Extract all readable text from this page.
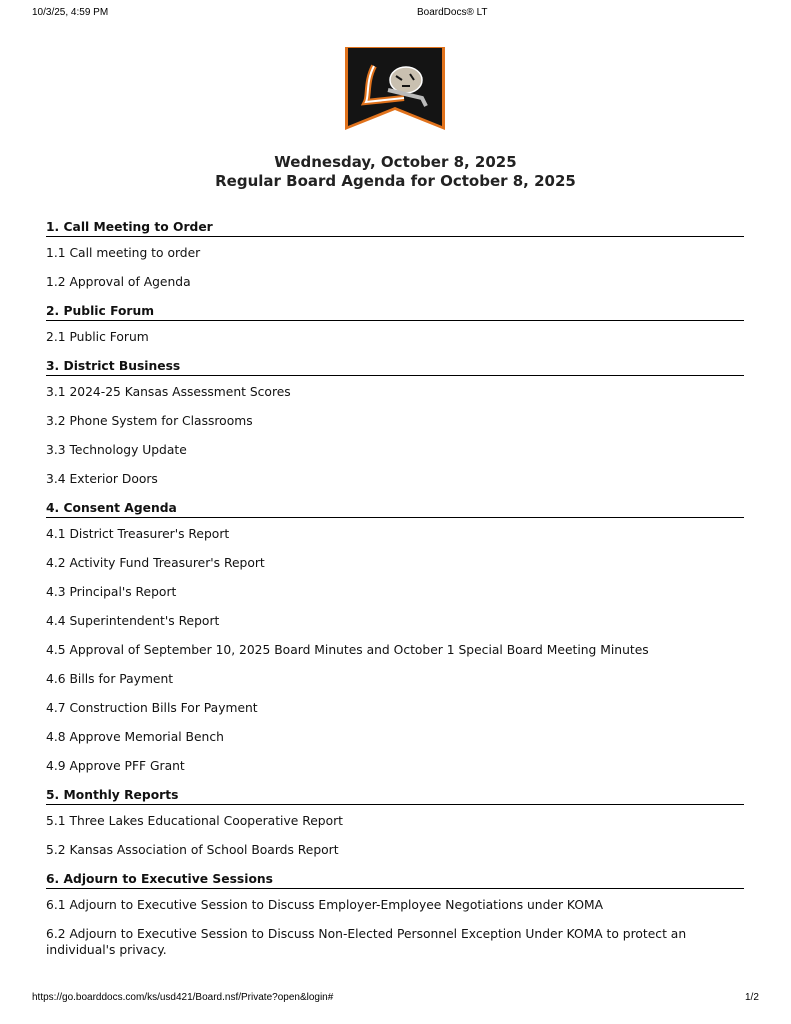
10/3/25, 4:59 PM	BoardDocs® LT
Wednesday, October 8, 2025
Regular Board Agenda for October 8, 2025
1. Call Meeting to Order
1.1 Call meeting to order
1.2 Approval of Agenda
2. Public Forum
2.1 Public Forum
3. District Business
3.1 2024-25 Kansas Assessment Scores
3.2 Phone System for Classrooms
3.3 Technology Update
3.4 Exterior Doors
4. Consent Agenda
4.1 District Treasurer's Report
4.2 Activity Fund Treasurer's Report
4.3 Principal's Report
4.4 Superintendent's Report
4.5 Approval of September 10, 2025 Board Minutes and October 1 Special Board Meeting Minutes
4.6 Bills for Payment
4.7 Construction Bills For Payment
4.8 Approve Memorial Bench
4.9 Approve PFF Grant
5. Monthly Reports
5.1 Three Lakes Educational Cooperative Report
5.2 Kansas Association of School Boards Report
6. Adjourn to Executive Sessions
6.1 Adjourn to Executive Session to Discuss Employer-Employee Negotiations under KOMA
6.2 Adjourn to Executive Session to Discuss Non-Elected Personnel Exception Under KOMA to protect an individual's privacy.
https://go.boarddocs.com/ks/usd421/Board.nsf/Private?open&login#	1/2
